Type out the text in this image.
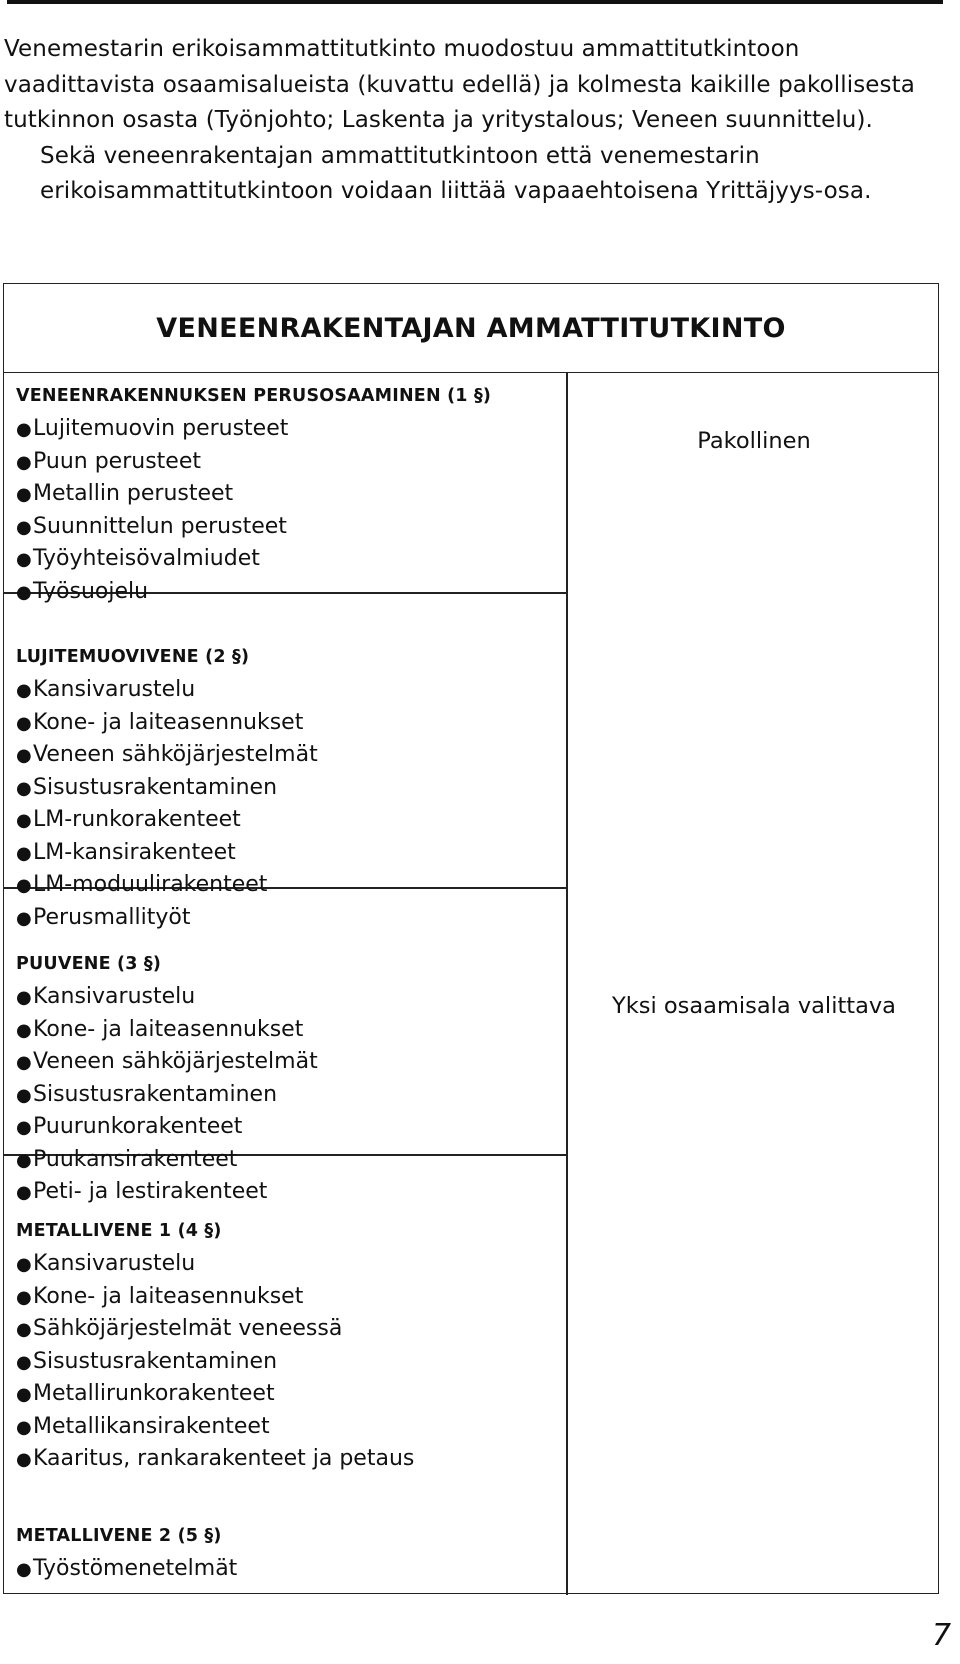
Venemestarin erikoisammattitutkinto muodostuu ammattitutkintoon vaadittavista osaamisalueista (kuvattu edellä) ja kolmesta kaikille pakollisesta tutkinnon osasta (Työnjohto; Laskenta ja yritystalous; Veneen suunnittelu).
Sekä veneenrakentajan ammattitutkintoon että venemestarin erikoisammattitutkintoon voidaan liittää vapaaehtoisena Yrittäjyys-osa.
VENEENRAKENTAJAN AMMATTITUTKINTO
VENEENRAKENNUKSEN PERUSOSAAMINEN (1 §)
●Lujitemuovin perusteet
●Puun perusteet
●Metallin perusteet
●Suunnittelun perusteet
●Työyhteisövalmiudet
●Työsuojelu
LUJITEMUOVIVENE (2 §)
●Kansivarustelu
●Kone- ja laiteasennukset
●Veneen sähköjärjestelmät
●Sisustusrakentaminen
●LM-runkorakenteet
●LM-kansirakenteet
●LM-moduulirakenteet
●Perusmallityöt
PUUVENE (3 §)
●Kansivarustelu
●Kone- ja laiteasennukset
●Veneen sähköjärjestelmät
●Sisustusrakentaminen
●Puurunkorakenteet
●Puukansirakenteet
●Peti- ja lestirakenteet
METALLIVENE 1 (4 §)
●Kansivarustelu
●Kone- ja laiteasennukset
●Sähköjärjestelmät veneessä
●Sisustusrakentaminen
●Metallirunkorakenteet
●Metallikansirakenteet
●Kaaritus, rankarakenteet ja petaus
METALLIVENE 2 (5 §)
●Työstömenetelmät
Pakollinen
Yksi osaamisala valittava
7
